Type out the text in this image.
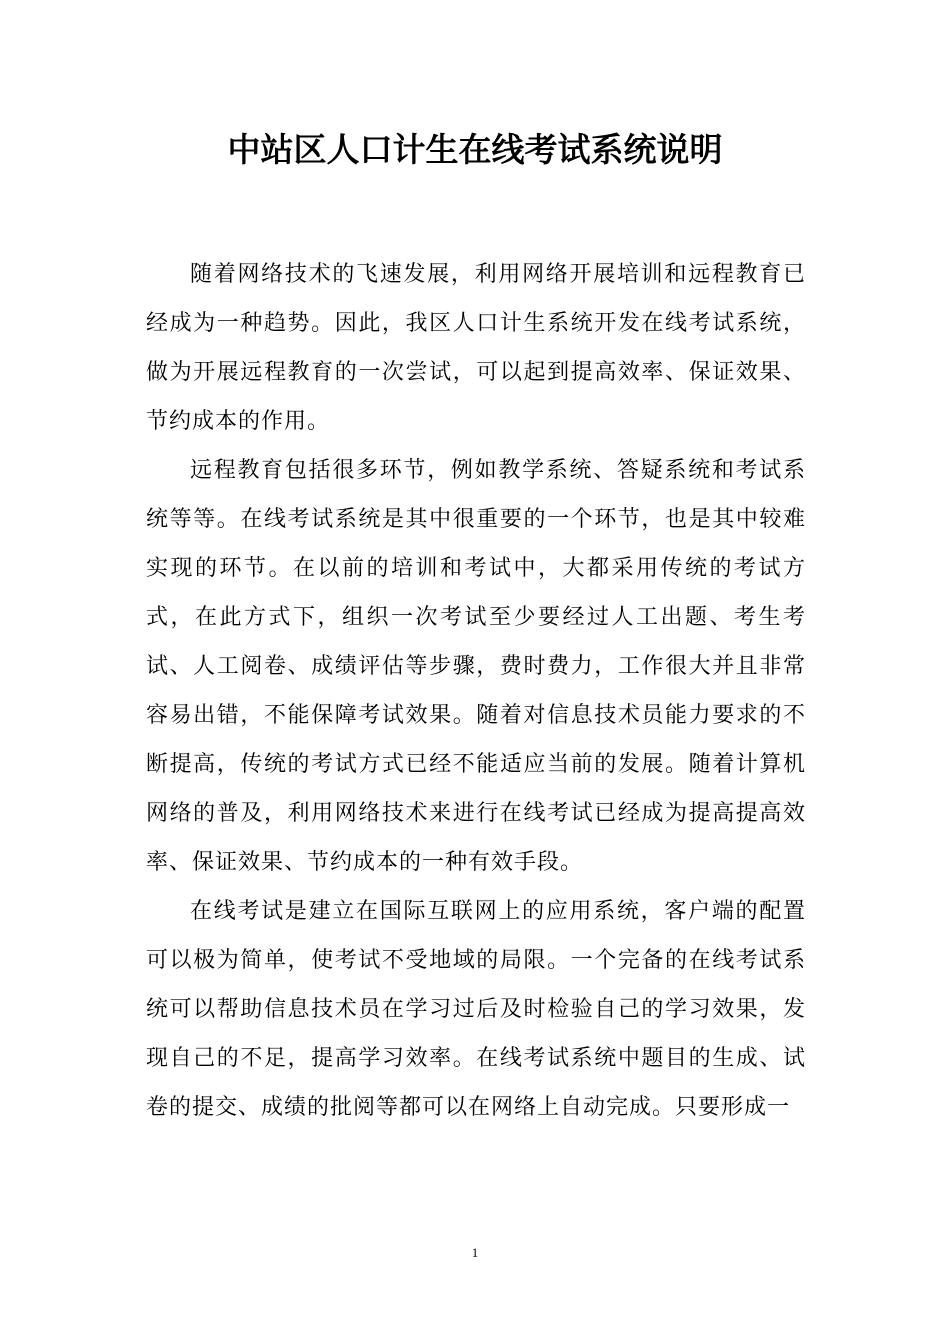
中站区人口计生在线考试系统说明

随着网络技术的飞速发展，利用网络开展培训和远程教育已经成为一种趋势。因此，我区人口计生系统开发在线考试系统，做为开展远程教育的一次尝试，可以起到提高效率、保证效果、节约成本的作用。

远程教育包括很多环节，例如教学系统、答疑系统和考试系统等等。在线考试系统是其中很重要的一个环节，也是其中较难实现的环节。在以前的培训和考试中，大都采用传统的考试方式，在此方式下，组织一次考试至少要经过人工出题、考生考试、人工阅卷、成绩评估等步骤，费时费力，工作很大并且非常容易出错，不能保障考试效果。随着对信息技术员能力要求的不断提高，传统的考试方式已经不能适应当前的发展。随着计算机网络的普及，利用网络技术来进行在线考试已经成为提高提高效率、保证效果、节约成本的一种有效手段。

在线考试是建立在国际互联网上的应用系统，客户端的配置可以极为简单，使考试不受地域的局限。一个完备的在线考试系统可以帮助信息技术员在学习过后及时检验自己的学习效果，发现自己的不足，提高学习效率。在线考试系统中题目的生成、试卷的提交、成绩的批阅等都可以在网络上自动完成。只要形成一

1
